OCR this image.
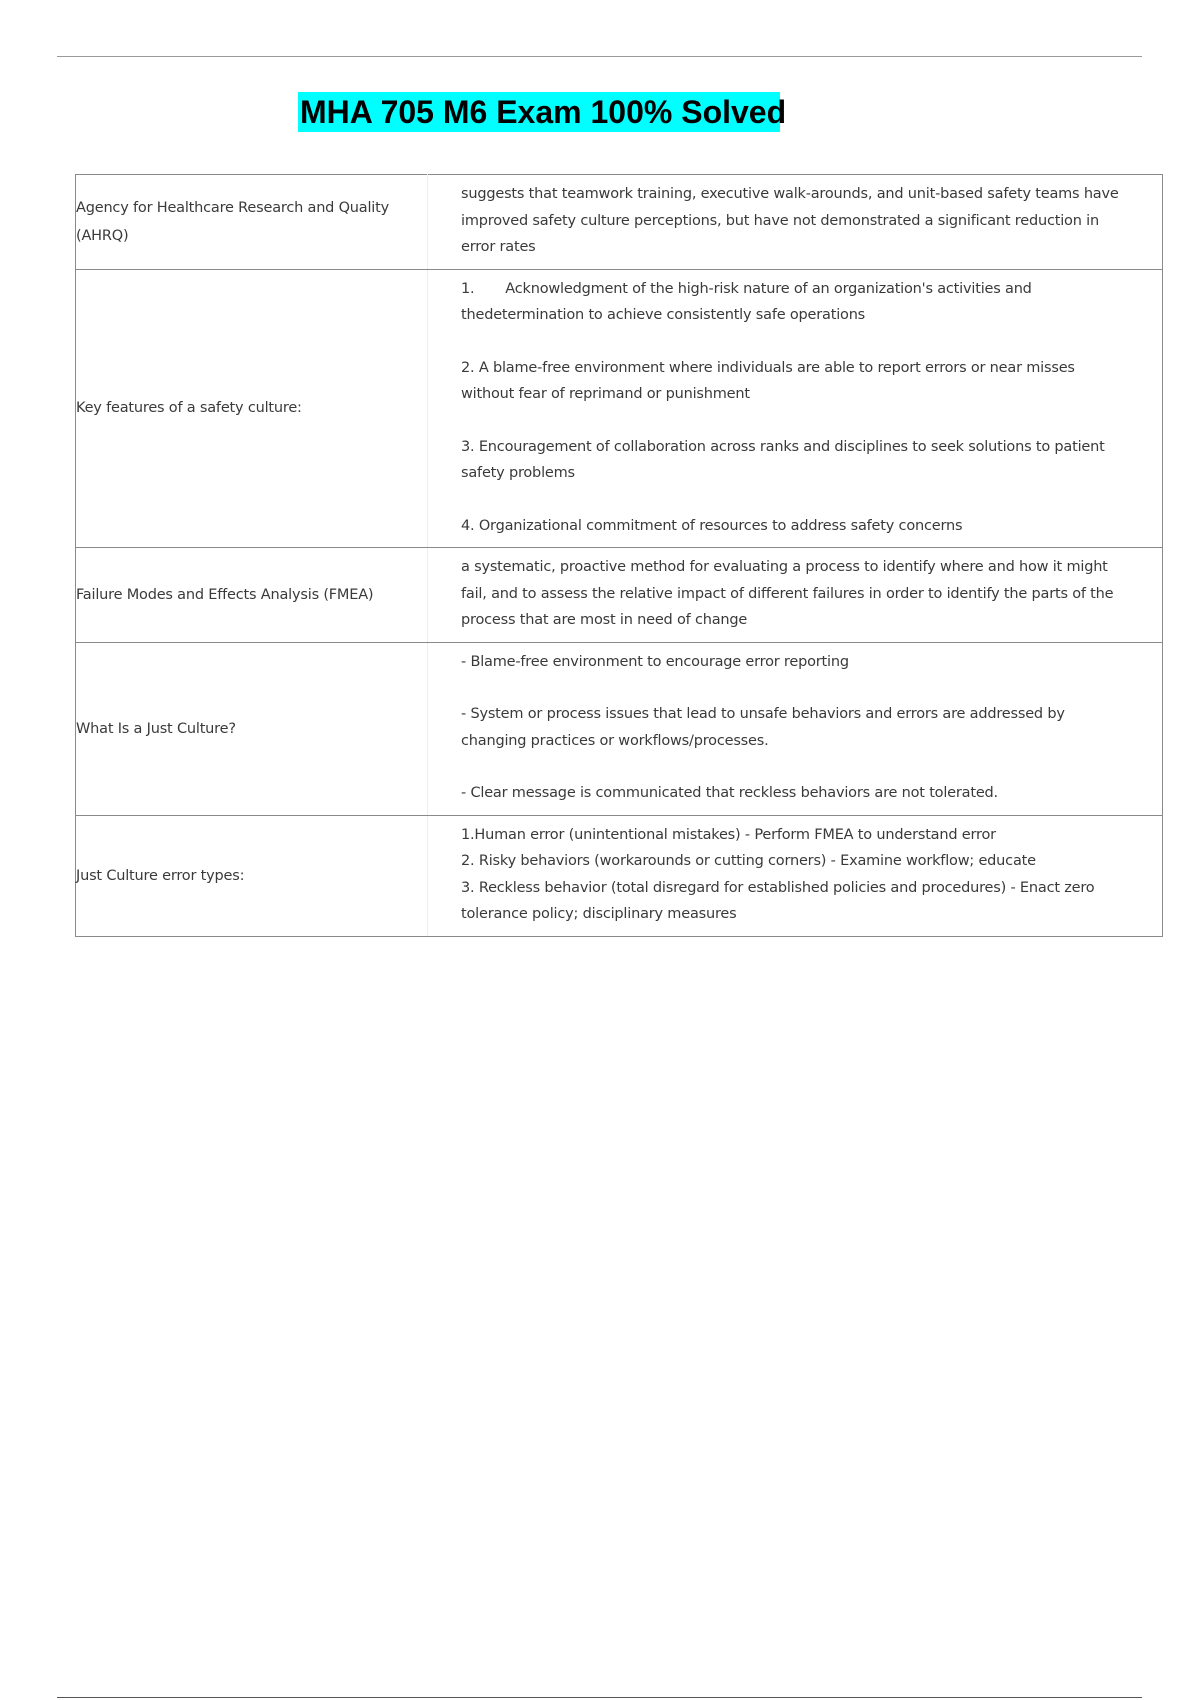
MHA 705 M6 Exam 100% Solved
Agency for Healthcare Research and Quality (AHRQ)	suggests that teamwork training, executive walk-arounds, and unit-based safety teams have improved safety culture perceptions, but have not demonstrated a significant reduction in error rates

Key features of a safety culture:	1.       Acknowledgment of the high-risk nature of an organization's activities and thedetermination to achieve consistently safe operations
2. A blame-free environment where individuals are able to report errors or near misses without fear of reprimand or punishment
3. Encouragement of collaboration across ranks and disciplines to seek solutions to patient safety problems
4. Organizational commitment of resources to address safety concerns

Failure Modes and Effects Analysis (FMEA)	a systematic, proactive method for evaluating a process to identify where and how it might fail, and to assess the relative impact of different failures in order to identify the parts of the process that are most in need of change

What Is a Just Culture?	- Blame-free environment to encourage error reporting
- System or process issues that lead to unsafe behaviors and errors are addressed by changing practices or workflows/processes.
- Clear message is communicated that reckless behaviors are not tolerated.

Just Culture error types:	1.Human error (unintentional mistakes) - Perform FMEA to understand error
2. Risky behaviors (workarounds or cutting corners) - Examine workflow; educate
3. Reckless behavior (total disregard for established policies and procedures) - Enact zero tolerance policy; disciplinary measures
